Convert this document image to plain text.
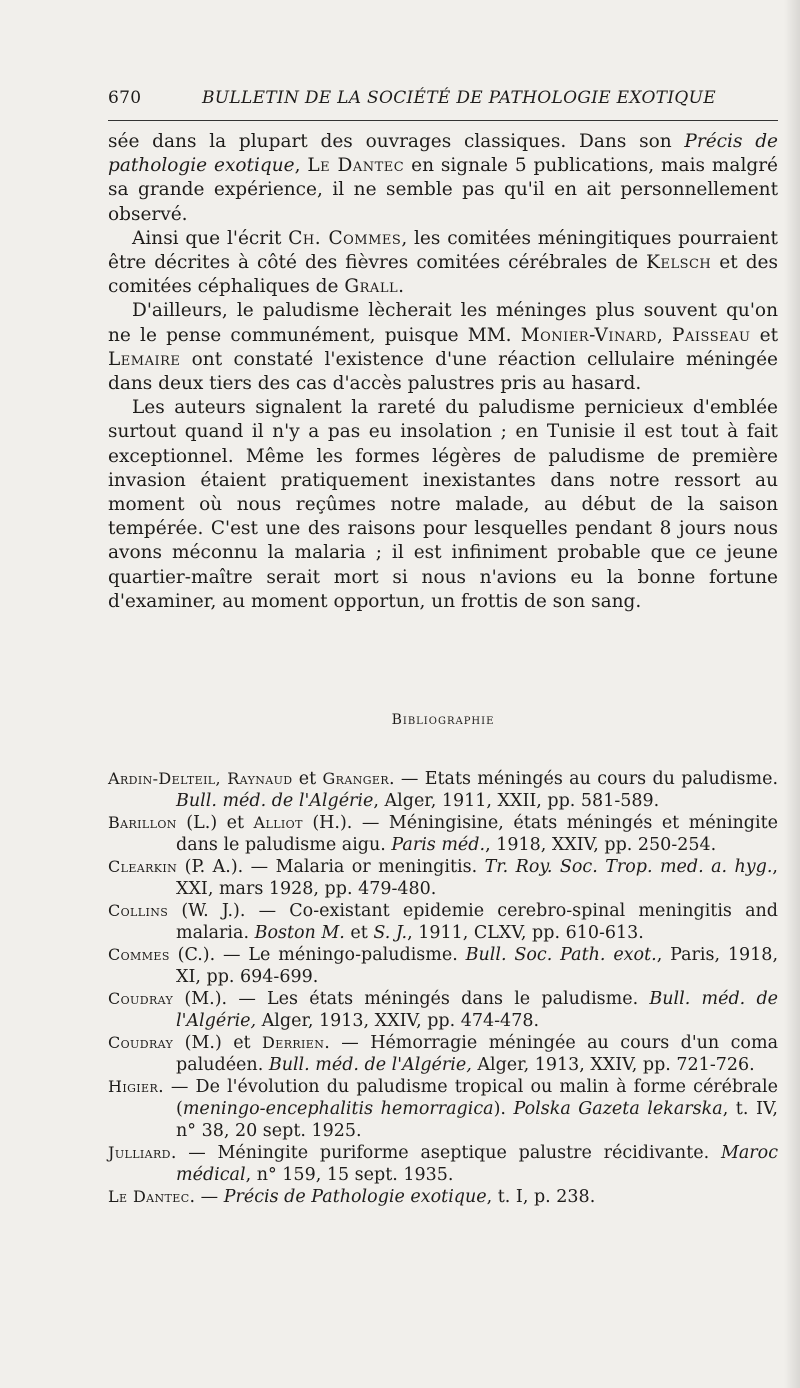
670	BULLETIN DE LA SOCIÉTÉ DE PATHOLOGIE EXOTIQUE

sée dans la plupart des ouvrages classiques. Dans son Précis de pathologie exotique, Le Dantec en signale 5 publications, mais malgré sa grande expérience, il ne semble pas qu'il en ait personnellement observé.

Ainsi que l'écrit Ch. Commes, les comitées méningitiques pourraient être décrites à côté des fièvres comitées cérébrales de Kelsch et des comitées céphaliques de Grall.

D'ailleurs, le paludisme lècherait les méninges plus souvent qu'on ne le pense communément, puisque MM. Monier-Vinard, Paisseau et Lemaire ont constaté l'existence d'une réaction cellulaire méningée dans deux tiers des cas d'accès palustres pris au hasard.

Les auteurs signalent la rareté du paludisme pernicieux d'emblée surtout quand il n'y a pas eu insolation ; en Tunisie il est tout à fait exceptionnel. Même les formes légères de paludisme de première invasion étaient pratiquement inexistantes dans notre ressort au moment où nous reçûmes notre malade, au début de la saison tempérée. C'est une des raisons pour lesquelles pendant 8 jours nous avons méconnu la malaria ; il est infiniment probable que ce jeune quartier-maître serait mort si nous n'avions eu la bonne fortune d'examiner, au moment opportun, un frottis de son sang.

Bibliographie
Ardin-Delteil, Raynaud et Granger. — Etats méningés au cours du paludisme. Bull. méd. de l'Algérie, Alger, 1911, XXII, pp. 581-589.
Barillon (L.) et Alliot (H.). — Méningisine, états méningés et méningite dans le paludisme aigu. Paris méd., 1918, XXIV, pp. 250-254.
Clearkin (P. A.). — Malaria or meningitis. Tr. Roy. Soc. Trop. med. a. hyg., XXI, mars 1928, pp. 479-480.
Collins (W. J.). — Co-existant epidemie cerebro-spinal meningitis and malaria. Boston M. et S. J., 1911, CLXV, pp. 610-613.
Commes (C.). — Le méningo-paludisme. Bull. Soc. Path. exot., Paris, 1918, XI, pp. 694-699.
Coudray (M.). — Les états méningés dans le paludisme. Bull. méd. de l'Algérie, Alger, 1913, XXIV, pp. 474-478.
Coudray (M.) et Derrien. — Hémorragie méningée au cours d'un coma paludéen. Bull. méd. de l'Algérie, Alger, 1913, XXIV, pp. 721-726.
Higier. — De l'évolution du paludisme tropical ou malin à forme cérébrale (meningo-encephalitis hemorragica). Polska Gazeta lekarska, t. IV, n° 38, 20 sept. 1925.
Julliard. — Méningite puriforme aseptique palustre récidivante. Maroc médical, n° 159, 15 sept. 1935.
Le Dantec. — Précis de Pathologie exotique, t. I, p. 238.
